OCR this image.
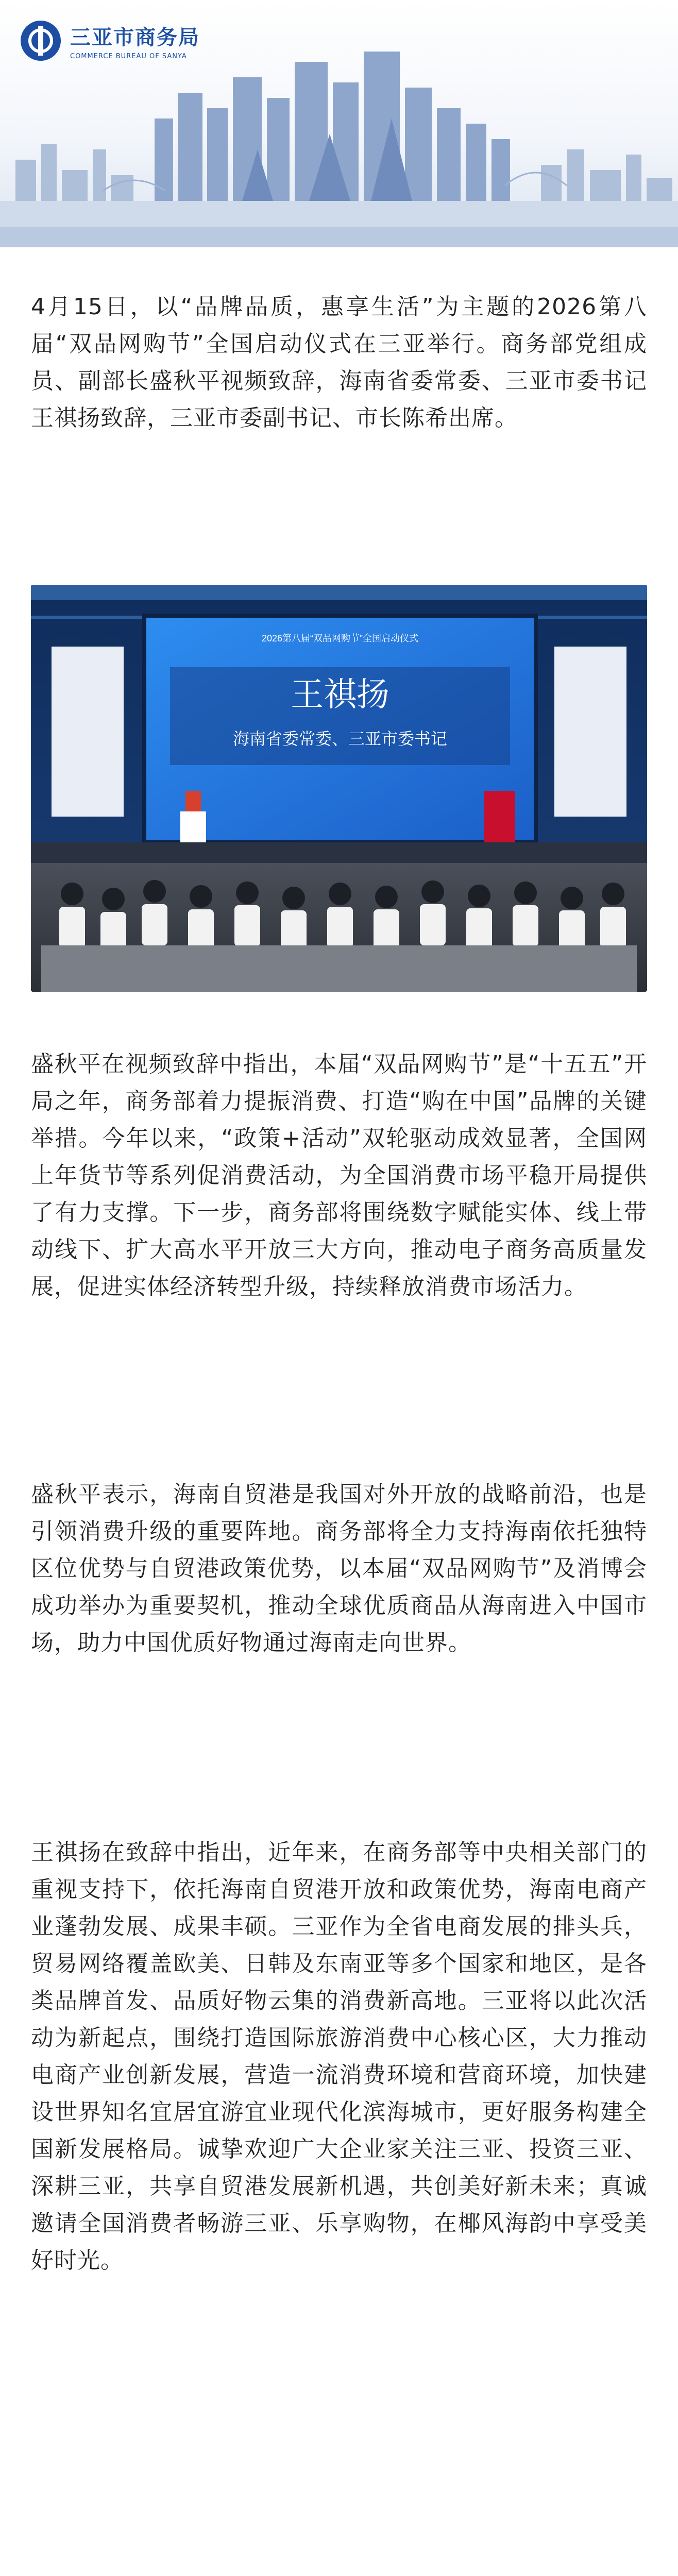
三亚市商务局
COMMERCE BUREAU OF SANYA

4月15日，以“品牌品质，惠享生活”为主题的2026第八届“双品网购节”全国启动仪式在三亚举行。商务部党组成员、副部长盛秋平视频致辞，海南省委常委、三亚市委书记王祺扬致辞，三亚市委副书记、市长陈希出席。

2026第八届“双品网购节”全国启动仪式
王祺扬
海南省委常委、三亚市委书记

盛秋平在视频致辞中指出，本届“双品网购节”是“十五五”开局之年，商务部着力提振消费、打造“购在中国”品牌的关键举措。今年以来，“政策+活动”双轮驱动成效显著，全国网上年货节等系列促消费活动，为全国消费市场平稳开局提供了有力支撑。下一步，商务部将围绕数字赋能实体、线上带动线下、扩大高水平开放三大方向，推动电子商务高质量发展，促进实体经济转型升级，持续释放消费市场活力。

盛秋平表示，海南自贸港是我国对外开放的战略前沿，也是引领消费升级的重要阵地。商务部将全力支持海南依托独特区位优势与自贸港政策优势，以本届“双品网购节”及消博会成功举办为重要契机，推动全球优质商品从海南进入中国市场，助力中国优质好物通过海南走向世界。

王祺扬在致辞中指出，近年来，在商务部等中央相关部门的重视支持下，依托海南自贸港开放和政策优势，海南电商产业蓬勃发展、成果丰硕。三亚作为全省电商发展的排头兵，贸易网络覆盖欧美、日韩及东南亚等多个国家和地区，是各类品牌首发、品质好物云集的消费新高地。三亚将以此次活动为新起点，围绕打造国际旅游消费中心核心区，大力推动电商产业创新发展，营造一流消费环境和营商环境，加快建设世界知名宜居宜游宜业现代化滨海城市，更好服务构建全国新发展格局。诚挚欢迎广大企业家关注三亚、投资三亚、深耕三亚，共享自贸港发展新机遇，共创美好新未来；真诚邀请全国消费者畅游三亚、乐享购物，在椰风海韵中享受美好时光。
